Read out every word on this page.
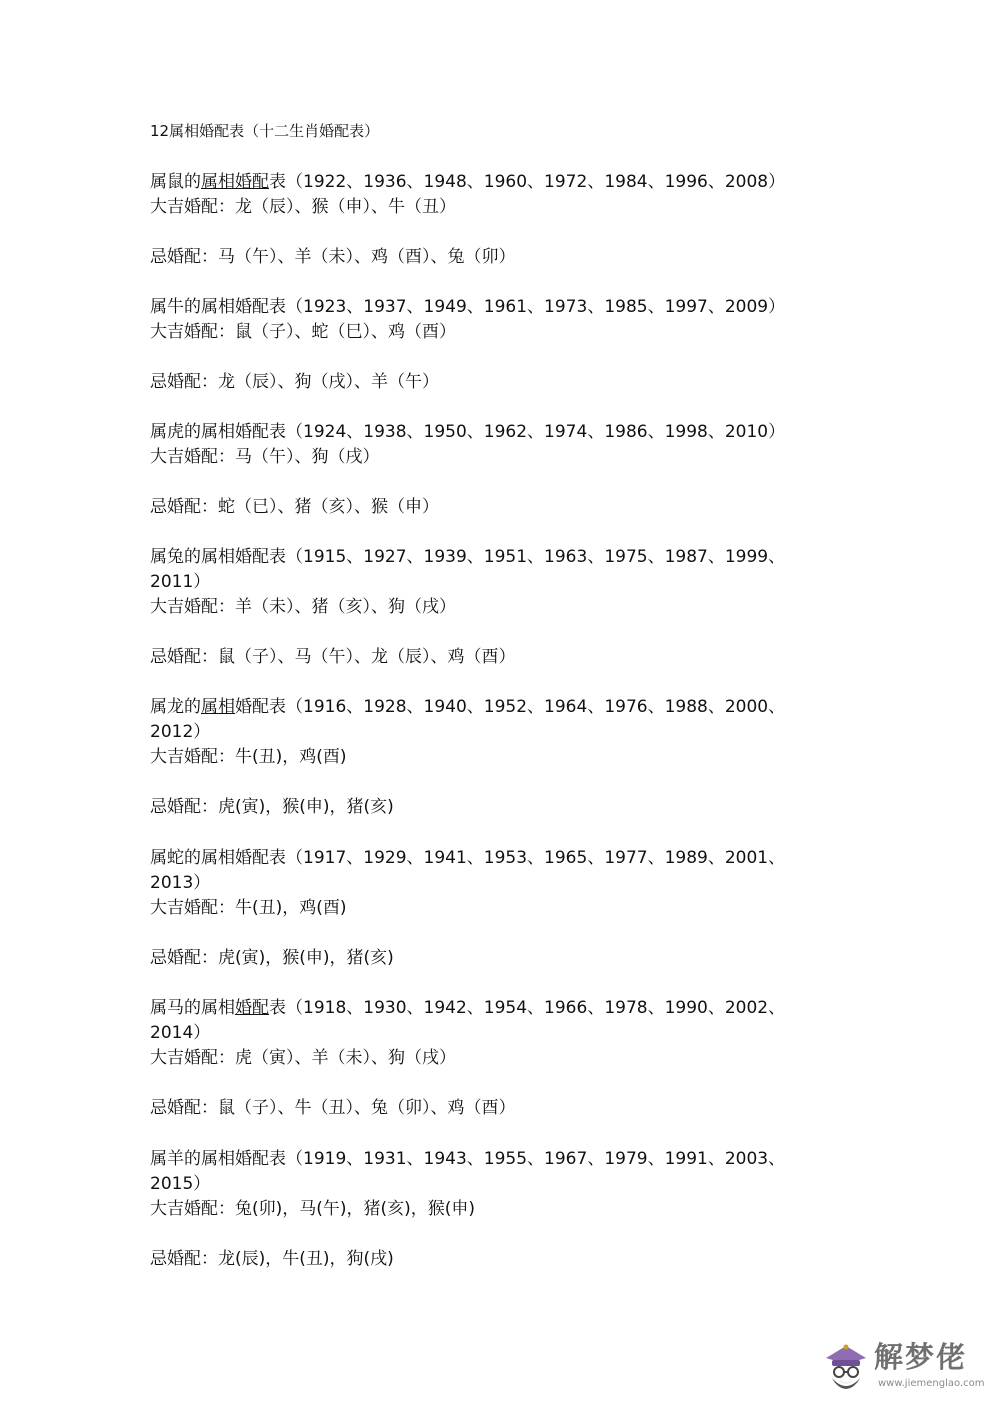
12属相婚配表（十二生肖婚配表）

属鼠的属相婚配表（1922、1936、1948、1960、1972、1984、1996、2008）

大吉婚配：龙（辰）、猴（申）、牛（丑）

忌婚配：马（午）、羊（未）、鸡（酉）、兔（卯）

属牛的属相婚配表（1923、1937、1949、1961、1973、1985、1997、2009）

大吉婚配：鼠（子）、蛇（巳）、鸡（酉）

忌婚配：龙（辰）、狗（戌）、羊（午）

属虎的属相婚配表（1924、1938、1950、1962、1974、1986、1998、2010）

大吉婚配：马（午）、狗（戌）

忌婚配：蛇（已）、猪（亥）、猴（申）

属兔的属相婚配表（1915、1927、1939、1951、1963、1975、1987、1999、

2011）

大吉婚配：羊（未）、猪（亥）、狗（戌）

忌婚配：鼠（子）、马（午）、龙（辰）、鸡（酉）

属龙的属相婚配表（1916、1928、1940、1952、1964、1976、1988、2000、

2012）

大吉婚配：牛(丑)，鸡(酉)

忌婚配：虎(寅)，猴(申)，猪(亥)

属蛇的属相婚配表（1917、1929、1941、1953、1965、1977、1989、2001、

2013）

大吉婚配：牛(丑)，鸡(酉)

忌婚配：虎(寅)，猴(申)，猪(亥)

属马的属相婚配表（1918、1930、1942、1954、1966、1978、1990、2002、

2014）

大吉婚配：虎（寅）、羊（未）、狗（戌）

忌婚配：鼠（子）、牛（丑）、兔（卯）、鸡（酉）

属羊的属相婚配表（1919、1931、1943、1955、1967、1979、1991、2003、

2015）

大吉婚配：兔(卯)，马(午)，猪(亥)，猴(申)

忌婚配：龙(辰)，牛(丑)，狗(戌)

解梦佬
www.jiemenglao.com
